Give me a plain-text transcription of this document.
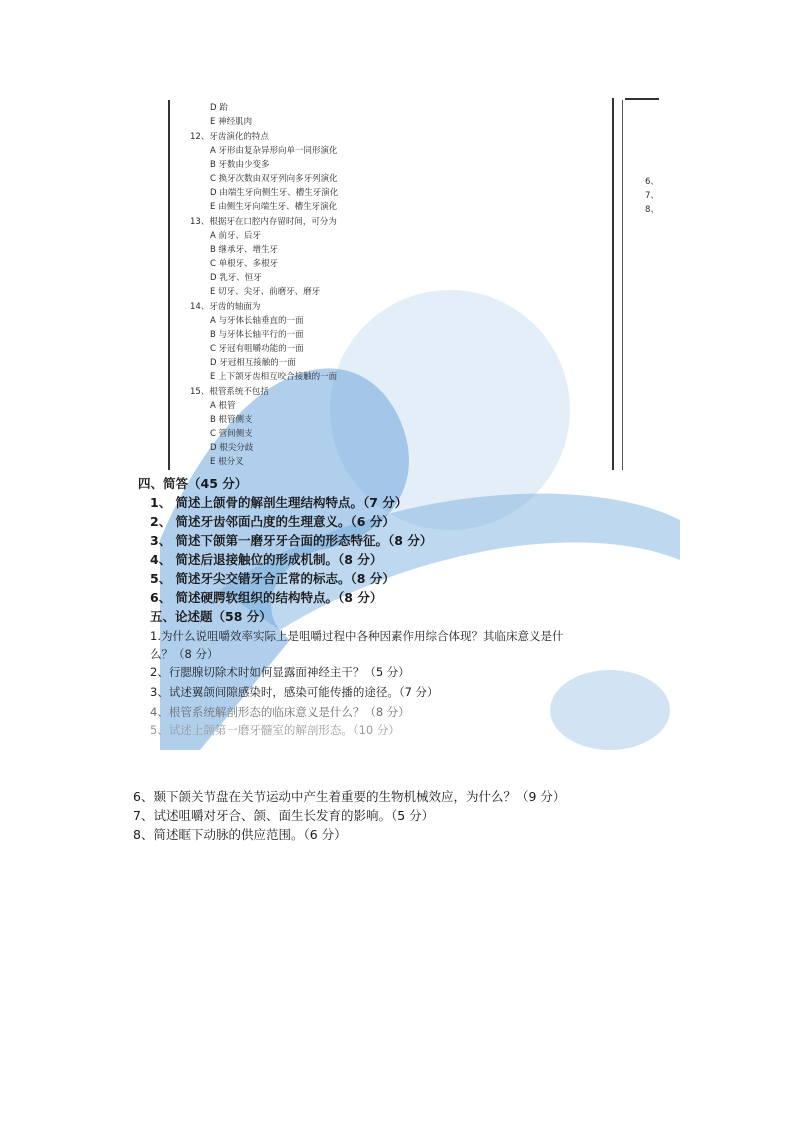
D 跆
E 神经肌肉
12、牙齿演化的特点
A 牙形由复杂异形向单一同形演化
B 牙数由少变多
C 换牙次数由双牙列向多牙列演化
D 由端生牙向侧生牙、槽生牙演化
E 由侧生牙向端生牙、槽生牙演化
13、根据牙在口腔内存留时间，可分为
A 前牙、后牙
B 继承牙、增生牙
C 单根牙、多根牙
D 乳牙、恒牙
E 切牙、尖牙、前磨牙、磨牙
14、牙齿的轴面为
A 与牙体长轴垂直的一面
B 与牙体长轴平行的一面
C 牙冠有咀嚼功能的一面
D 牙冠相互接触的一面
E 上下颌牙齿相互咬合接触的一面
15、根管系统不包括
A 根管
B 根管侧支
C 管间侧支
D 根尖分歧
E 根分叉
6、
7、
8、
四、简答（45 分）
1、 简述上颌骨的解剖生理结构特点。（7 分）
2、 简述牙齿邻面凸度的生理意义。（6 分）
3、 简述下颌第一磨牙牙合面的形态特征。（8 分）
4、 简述后退接触位的形成机制。（8 分）
5、 简述牙尖交错牙合正常的标志。（8 分）
6、 简述硬腭软组织的结构特点。（8 分）
五、论述题（58 分）
1.为什么说咀嚼效率实际上是咀嚼过程中各种因素作用综合体现？其临床意义是什
么？（8 分）
2、行腮腺切除术时如何显露面神经主干？（5 分）
3、试述翼颌间隙感染时，感染可能传播的途径。（7 分）
4、根管系统解剖形态的临床意义是什么？（8 分）
5、试述上颌第一磨牙髓室的解剖形态。（10 分）
6、颞下颌关节盘在关节运动中产生着重要的生物机械效应，为什么？（9 分）
7、试述咀嚼对牙合、颌、面生长发育的影响。（5 分）
8、简述眶下动脉的供应范围。（6 分）
